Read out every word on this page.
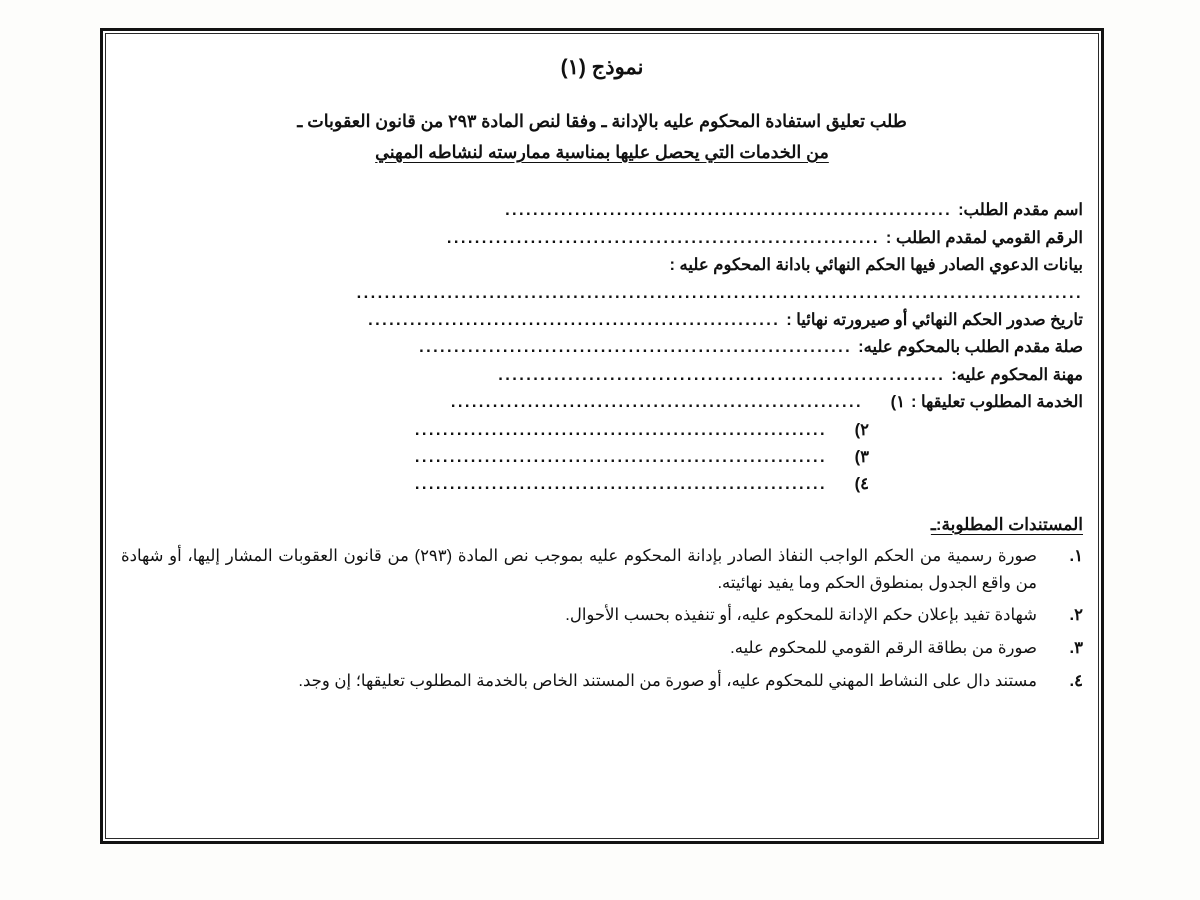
نموذج (١)
طلب تعليق استفادة المحكوم عليه بالإدانة ـ وفقا لنص المادة ٢٩٣ من قانون العقوبات ـ
من الخدمات التي يحصل عليها بمناسبة ممارسته لنشاطه المهني
اسم مقدم الطلب:
................................................................
الرقم القومي لمقدم الطلب :
..............................................................
بيانات الدعوي الصادر فيها الحكم النهائي بادانة المحكوم عليه :
........................................................................................................
تاريخ صدور الحكم النهائي أو صيرورته نهائيا :
...........................................................
صلة مقدم الطلب بالمحكوم عليه:
..............................................................
مهنة المحكوم عليه:
................................................................
الخدمة المطلوب تعليقها :
١)
...........................................................
٢)
...........................................................
٣)
...........................................................
٤)
...........................................................
المستندات المطلوبة:ـ
١.
صورة رسمية من الحكم الواجب النفاذ الصادر بإدانة المحكوم عليه بموجب نص المادة (٢٩٣) من قانون العقوبات المشار إليها، أو شهادة من واقع الجدول بمنطوق الحكم وما يفيد نهائيته.
٢.
شهادة تفيد بإعلان حكم الإدانة للمحكوم عليه، أو تنفيذه بحسب الأحوال.
٣.
صورة من بطاقة الرقم القومي للمحكوم عليه.
٤.
مستند دال على النشاط المهني للمحكوم عليه، أو صورة من المستند الخاص بالخدمة المطلوب تعليقها؛ إن وجد.
